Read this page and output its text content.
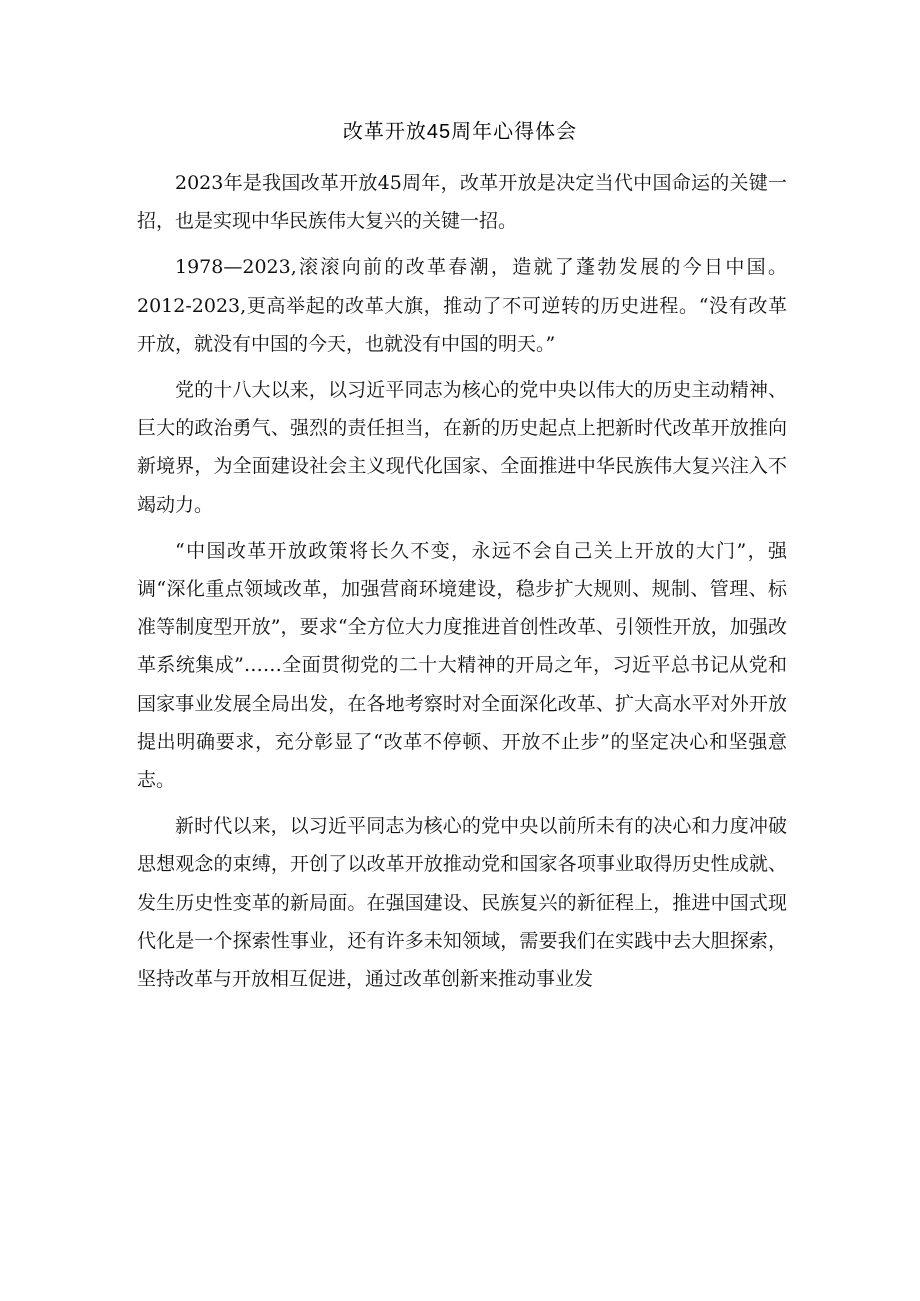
改革开放45周年心得体会

2023年是我国改革开放45周年，改革开放是决定当代中国命运的关键一招，也是实现中华民族伟大复兴的关键一招。

1978—2023,滚滚向前的改革春潮，造就了蓬勃发展的今日中国。2012-2023,更高举起的改革大旗，推动了不可逆转的历史进程。“没有改革开放，就没有中国的今天，也就没有中国的明天。”

党的十八大以来，以习近平同志为核心的党中央以伟大的历史主动精神、巨大的政治勇气、强烈的责任担当，在新的历史起点上把新时代改革开放推向新境界，为全面建设社会主义现代化国家、全面推进中华民族伟大复兴注入不竭动力。

“中国改革开放政策将长久不变，永远不会自己关上开放的大门”，强调“深化重点领域改革，加强营商环境建设，稳步扩大规则、规制、管理、标准等制度型开放”，要求“全方位大力度推进首创性改革、引领性开放，加强改革系统集成”……全面贯彻党的二十大精神的开局之年，习近平总书记从党和国家事业发展全局出发，在各地考察时对全面深化改革、扩大高水平对外开放提出明确要求，充分彰显了“改革不停顿、开放不止步”的坚定决心和坚强意志。

新时代以来，以习近平同志为核心的党中央以前所未有的决心和力度冲破思想观念的束缚，开创了以改革开放推动党和国家各项事业取得历史性成就、发生历史性变革的新局面。在强国建设、民族复兴的新征程上，推进中国式现代化是一个探索性事业，还有许多未知领域，需要我们在实践中去大胆探索，坚持改革与开放相互促进，通过改革创新来推动事业发
